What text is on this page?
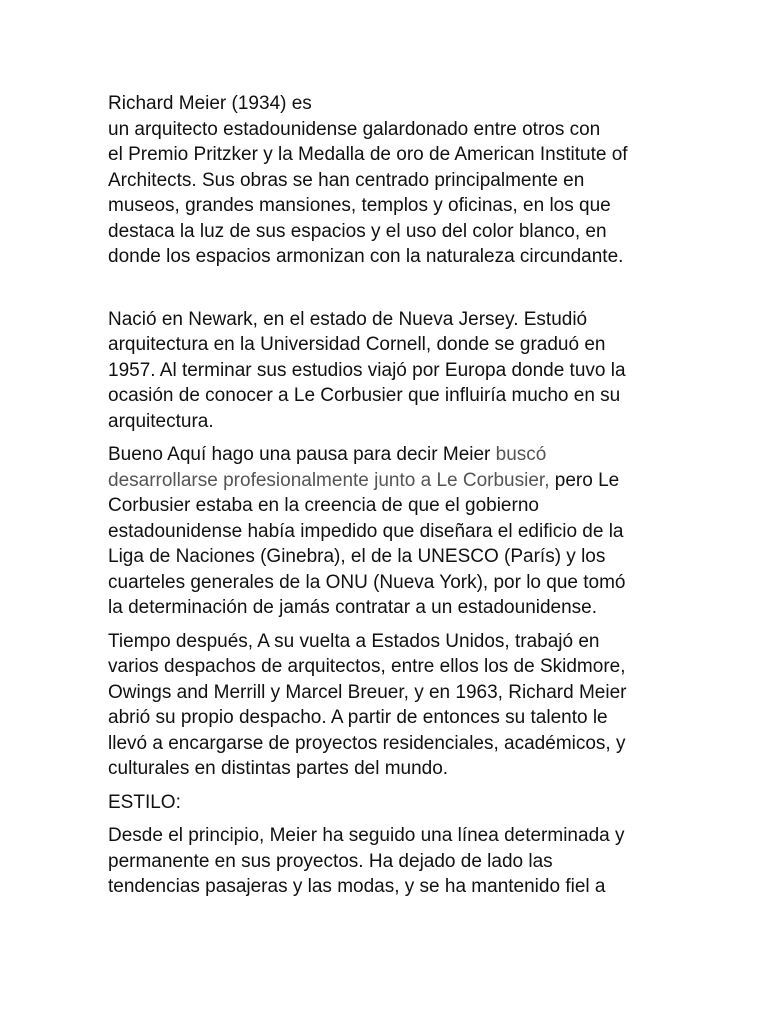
Richard Meier (1934) es
un arquitecto estadounidense galardonado entre otros con
el Premio Pritzker y la Medalla de oro de American Institute of
Architects. Sus obras se han centrado principalmente en
museos, grandes mansiones, templos y oficinas, en los que
destaca la luz de sus espacios y el uso del color blanco, en
donde los espacios armonizan con la naturaleza circundante.

Nació en Newark, en el estado de Nueva Jersey. Estudió
arquitectura en la Universidad Cornell, donde se graduó en
1957. Al terminar sus estudios viajó por Europa donde tuvo la
ocasión de conocer a Le Corbusier que influiría mucho en su
arquitectura.

Bueno Aquí hago una pausa para decir Meier buscó
desarrollarse profesionalmente junto a Le Corbusier, pero Le
Corbusier estaba en la creencia de que el gobierno
estadounidense había impedido que diseñara el edificio de la
Liga de Naciones (Ginebra), el de la UNESCO (París) y los
cuarteles generales de la ONU (Nueva York), por lo que tomó
la determinación de jamás contratar a un estadounidense.

Tiempo después, A su vuelta a Estados Unidos, trabajó en
varios despachos de arquitectos, entre ellos los de Skidmore,
Owings and Merrill y Marcel Breuer, y en 1963, Richard Meier
abrió su propio despacho. A partir de entonces su talento le
llevó a encargarse de proyectos residenciales, académicos, y
culturales en distintas partes del mundo.

ESTILO:

Desde el principio, Meier ha seguido una línea determinada y
permanente en sus proyectos. Ha dejado de lado las
tendencias pasajeras y las modas, y se ha mantenido fiel a
